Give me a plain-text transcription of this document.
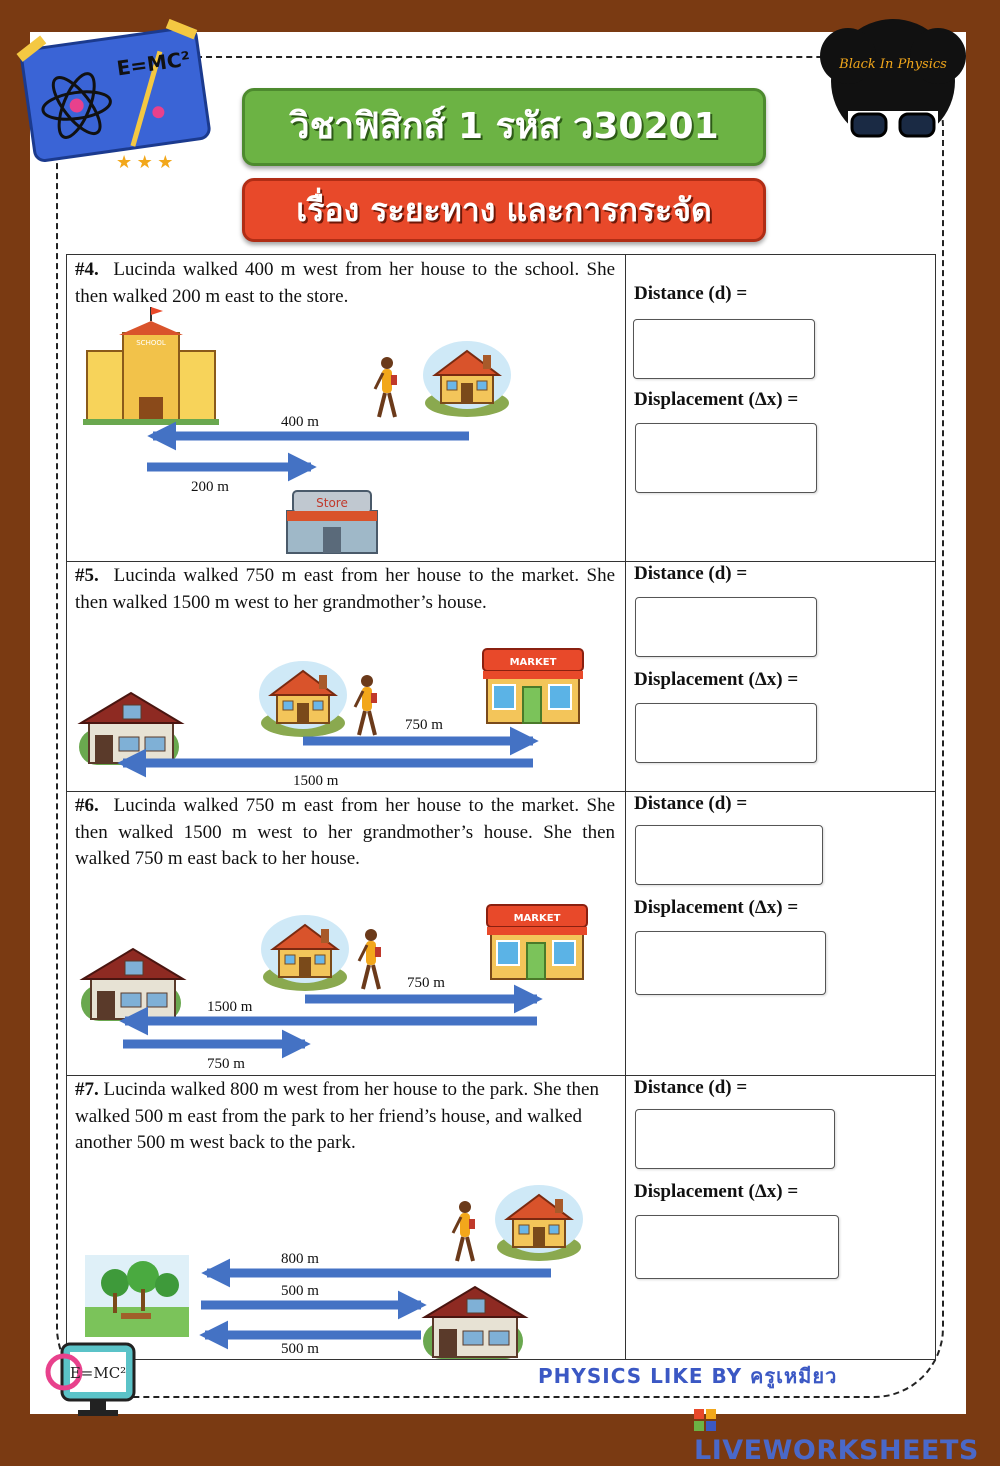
E=MC²
★ ★ ★
Black In Physics
วิชาฟิสิกส์ 1 รหัส ว30201
เรื่อง ระยะทาง และการกระจัด
#4. Lucinda walked 400 m west from her house to the school. She then walked 200 m east to the store.
SCHOOL
400 m
200 m
Store
Distance (d) =
Displacement (Δx) =
#5. Lucinda walked 750 m east from her house to the market. She then walked 1500 m west to her grandmother’s house.
MARKET
750 m
1500 m
Distance (d) =
Displacement (Δx) =
#6. Lucinda walked 750 m east from her house to the market. She then walked 1500 m west to her grandmother’s house. She then walked 750 m east back to her house.
MARKET
750 m
1500 m
750 m
Distance (d) =
Displacement (Δx) =
#7. Lucinda walked 800 m west from her house to the park. She then walked 500 m east from the park to her friend’s house, and walked another 500 m west back to the park.
800 m
500 m
500 m
Distance (d) =
Displacement (Δx) =
E=MC²	PHYSICS LIKE BY ครูเหมียว
LIVEWORKSHEETS
